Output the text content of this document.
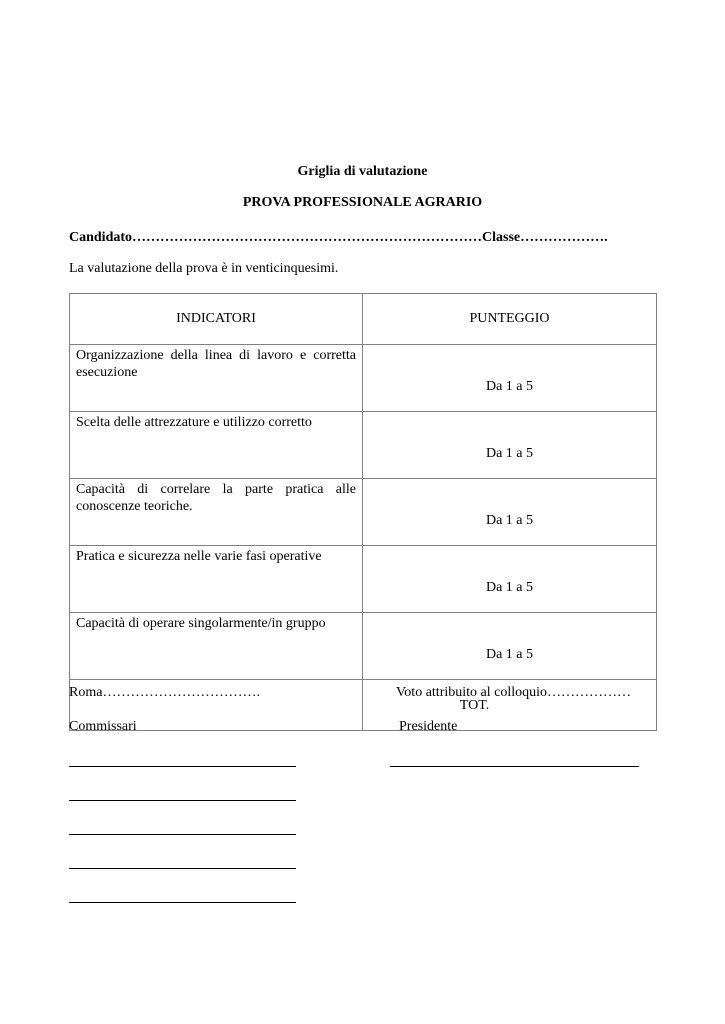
Griglia di valutazione
PROVA PROFESSIONALE AGRARIO
Candidato…………………………………………………………………Classe……………….
La valutazione della prova è in venticinquesimi.
INDICATORI	PUNTEGGIO
Organizzazione della linea di lavoro e corretta esecuzione	Da 1 a 5
Scelta delle attrezzature e utilizzo corretto	Da 1 a 5
Capacità di correlare la parte pratica alle conoscenze teoriche.	Da 1 a 5
Pratica e sicurezza nelle varie fasi operative	Da 1 a 5
Capacità di operare singolarmente/in gruppo	Da 1 a 5
	TOT.
Roma…………………………….	Voto attribuito al colloquio………………
Commissari	Presidente
